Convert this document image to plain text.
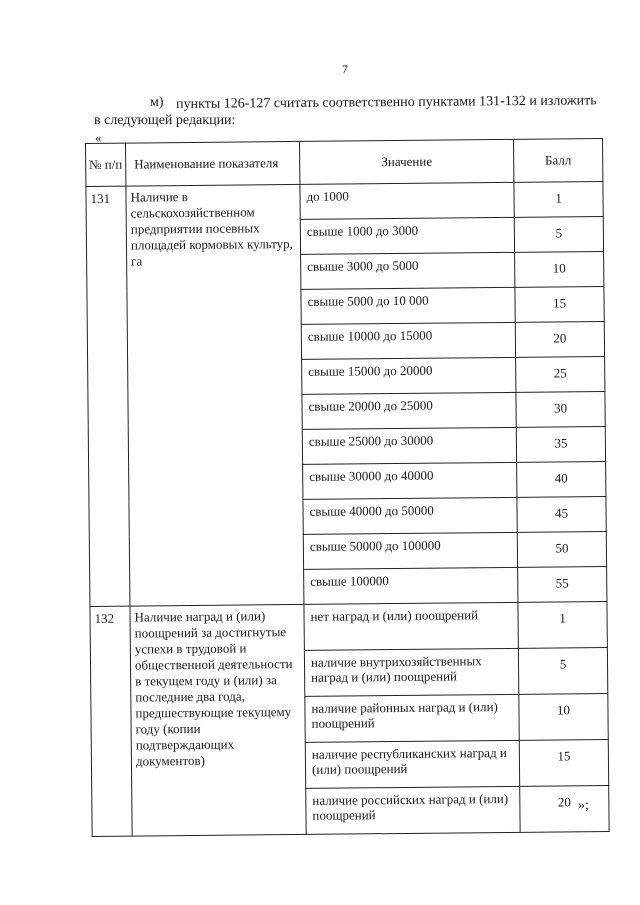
7
м) пункты 126-127 считать соответственно пунктами 131-132 и изложить
в следующей редакции:
«
№ п/п	Наименование показателя	Значение	Балл
131	Наличие в сельскохозяйственном предприятии посевных площадей кормовых культур, га	до 1000	1
		свыше 1000 до 3000	5
		свыше 3000 до 5000	10
		свыше 5000 до 10 000	15
		свыше 10000 до 15000	20
		свыше 15000 до 20000	25
		свыше 20000 до 25000	30
		свыше 25000 до 30000	35
		свыше 30000 до 40000	40
		свыше 40000 до 50000	45
		свыше 50000 до 100000	50
		свыше 100000	55
132	Наличие наград и (или) поощрений за достигнутые успехи в трудовой и общественной деятельности в текущем году и (или) за последние два года, предшествующие текущему году (копии подтверждающих документов)	нет наград и (или) поощрений	1
		наличие внутрихозяйственных наград и (или) поощрений	5
		наличие районных наград и (или) поощрений	10
		наличие республиканских наград и (или) поощрений	15
		наличие российских наград и (или) поощрений	20 »;
